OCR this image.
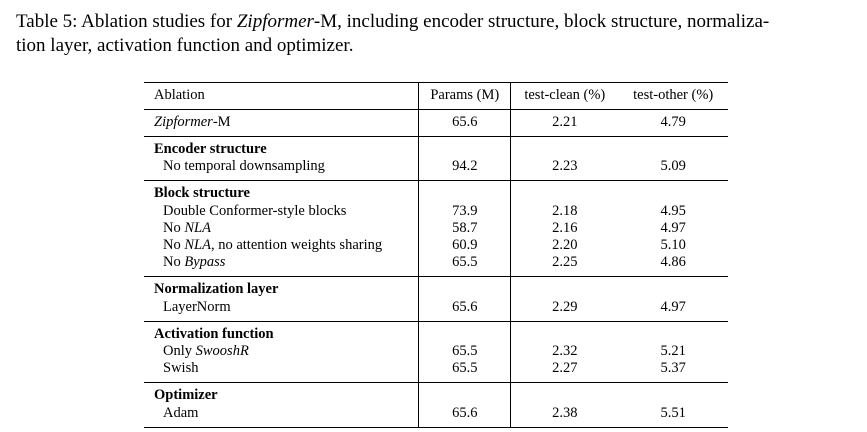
Table 5: Ablation studies for Zipformer-M, including encoder structure, block structure, normaliza-
tion layer, activation function and optimizer.

Ablation	Params (M)	test-clean (%)	test-other (%)
Zipformer-M	65.6	2.21	4.79
Encoder structure			
No temporal downsampling	94.2	2.23	5.09
Block structure			
Double Conformer-style blocks	73.9	2.18	4.95
No NLA	58.7	2.16	4.97
No NLA, no attention weights sharing	60.9	2.20	5.10
No Bypass	65.5	2.25	4.86
Normalization layer			
LayerNorm	65.6	2.29	4.97
Activation function			
Only SwooshR	65.5	2.32	5.21
Swish	65.5	2.27	5.37
Optimizer			
Adam	65.6	2.38	5.51
